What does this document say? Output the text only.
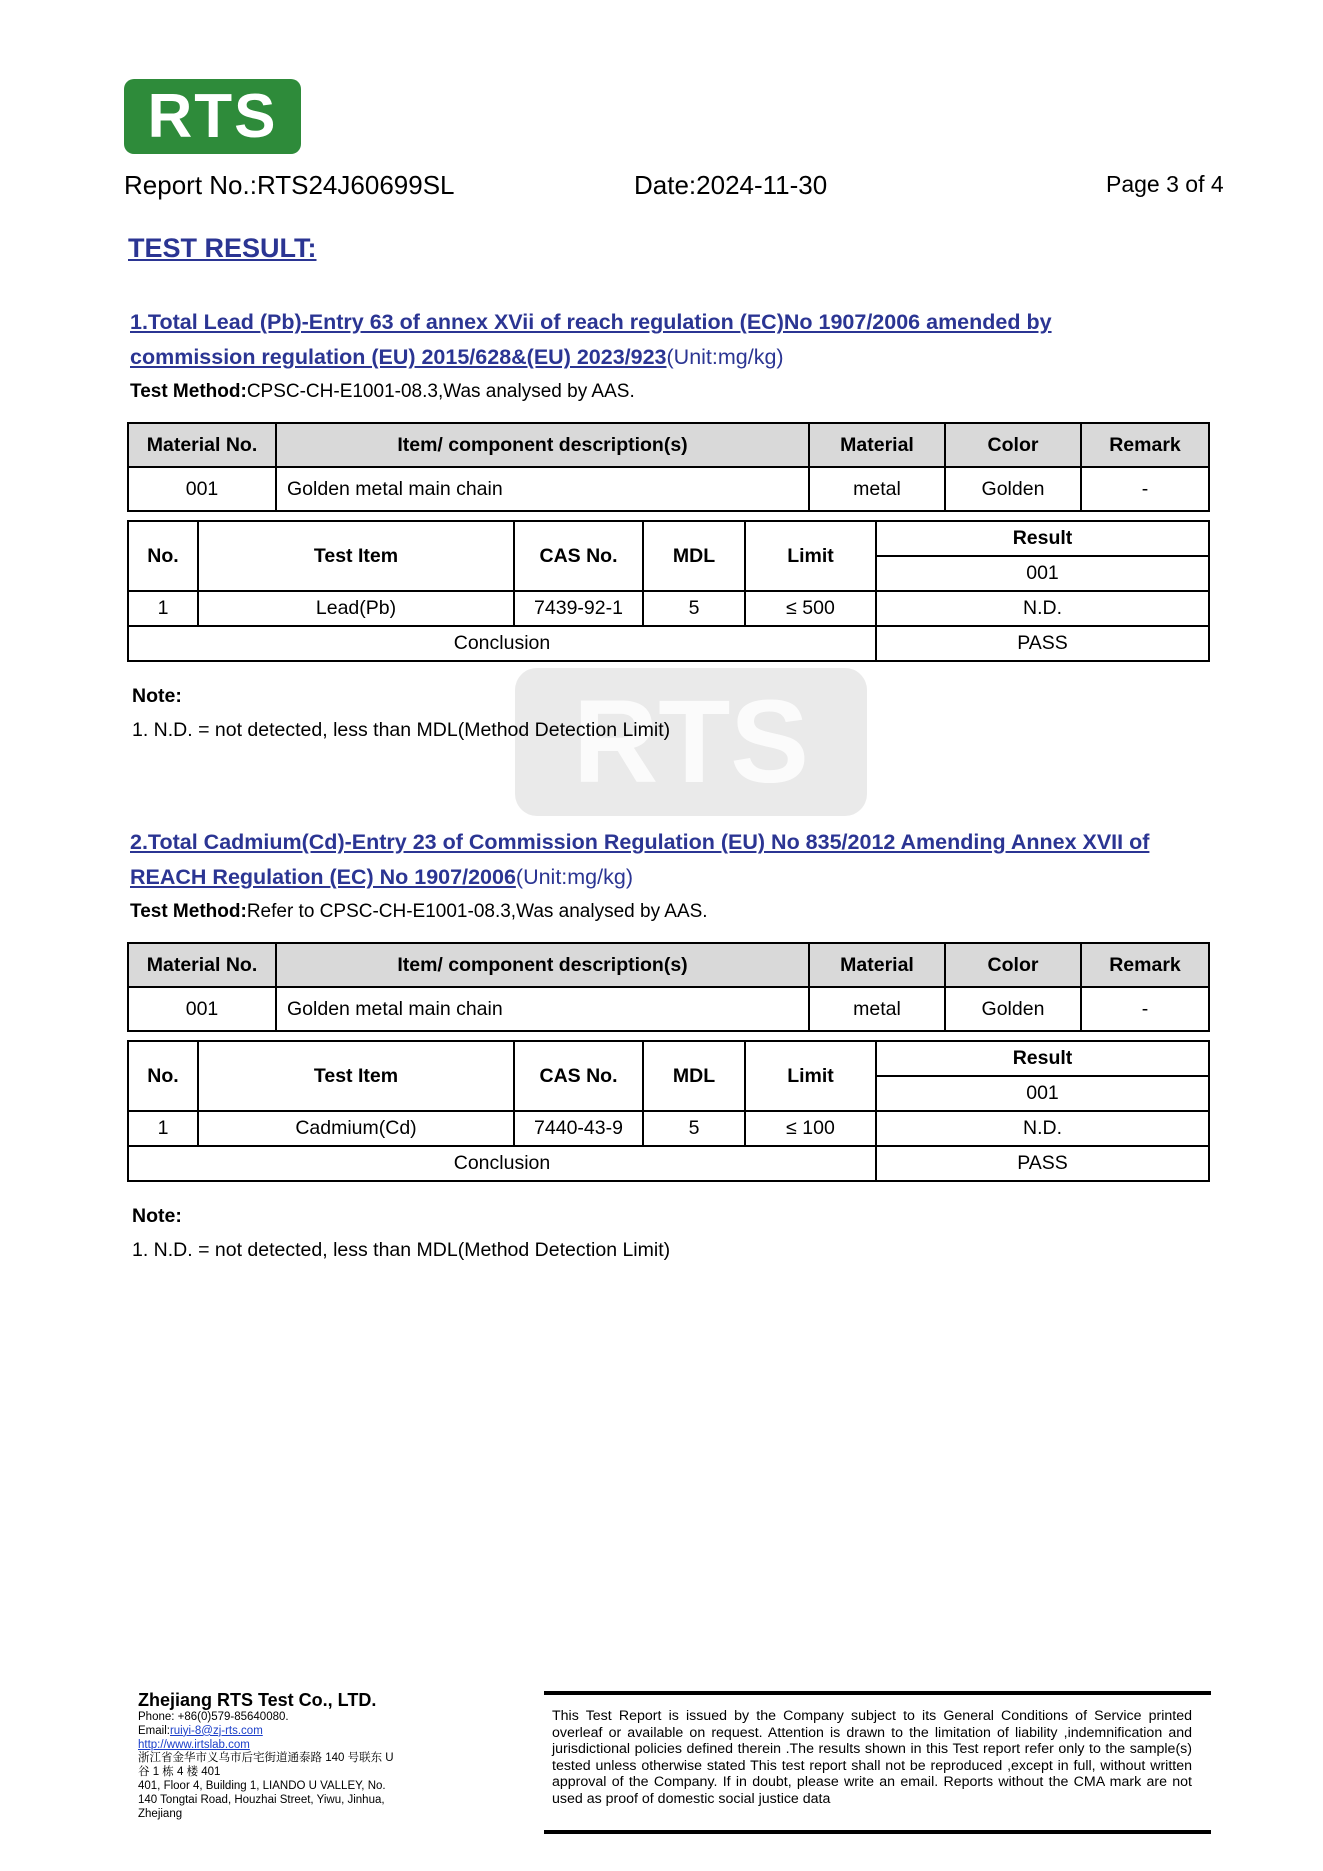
RTS
Report No.:RTS24J60699SL	Date:2024-11-30	Page 3 of 4
TEST RESULT:
RTS
1.Total Lead (Pb)-Entry 63 of annex XVii of reach regulation (EC)No 1907/2006 amended by
commission regulation (EU) 2015/628&(EU) 2023/923(Unit:mg/kg)
Test Method:CPSC-CH-E1001-08.3,Was analysed by AAS.
Material No.	Item/ component description(s)	Material	Color	Remark
001	Golden metal main chain	metal	Golden	-
No.	Test Item	CAS No.	MDL	Limit	Result
					001
1	Lead(Pb)	7439-92-1	5	≤ 500	N.D.
Conclusion					PASS
Note:
1. N.D. = not detected, less than MDL(Method Detection Limit)
2.Total Cadmium(Cd)-Entry 23 of Commission Regulation (EU) No 835/2012 Amending Annex XVII of
REACH Regulation (EC) No 1907/2006(Unit:mg/kg)
Test Method:Refer to CPSC-CH-E1001-08.3,Was analysed by AAS.
Material No.	Item/ component description(s)	Material	Color	Remark
001	Golden metal main chain	metal	Golden	-
No.	Test Item	CAS No.	MDL	Limit	Result
					001
1	Cadmium(Cd)	7440-43-9	5	≤ 100	N.D.
Conclusion					PASS
Note:
1. N.D. = not detected, less than MDL(Method Detection Limit)
Zhejiang RTS Test Co., LTD.
Phone: +86(0)579-85640080.
Email:ruiyi-8@zj-rts.com
http://www.irtslab.com
浙江省金华市义乌市后宅街道通泰路 140 号联东 U 谷 1 栋 4 楼 401
401, Floor 4, Building 1, LIANDO U VALLEY, No. 140 Tongtai Road, Houzhai Street, Yiwu, Jinhua, Zhejiang
This Test Report is issued by the Company subject to its General Conditions of Service printed overleaf or available on request. Attention is drawn to the limitation of liability ,indemnification and jurisdictional policies defined therein .The results shown in this Test report refer only to the sample(s) tested unless otherwise stated This test report shall not be reproduced ,except in full, without written approval of the Company. If in doubt, please write an email. Reports without the CMA mark are not used as proof of domestic social justice data
